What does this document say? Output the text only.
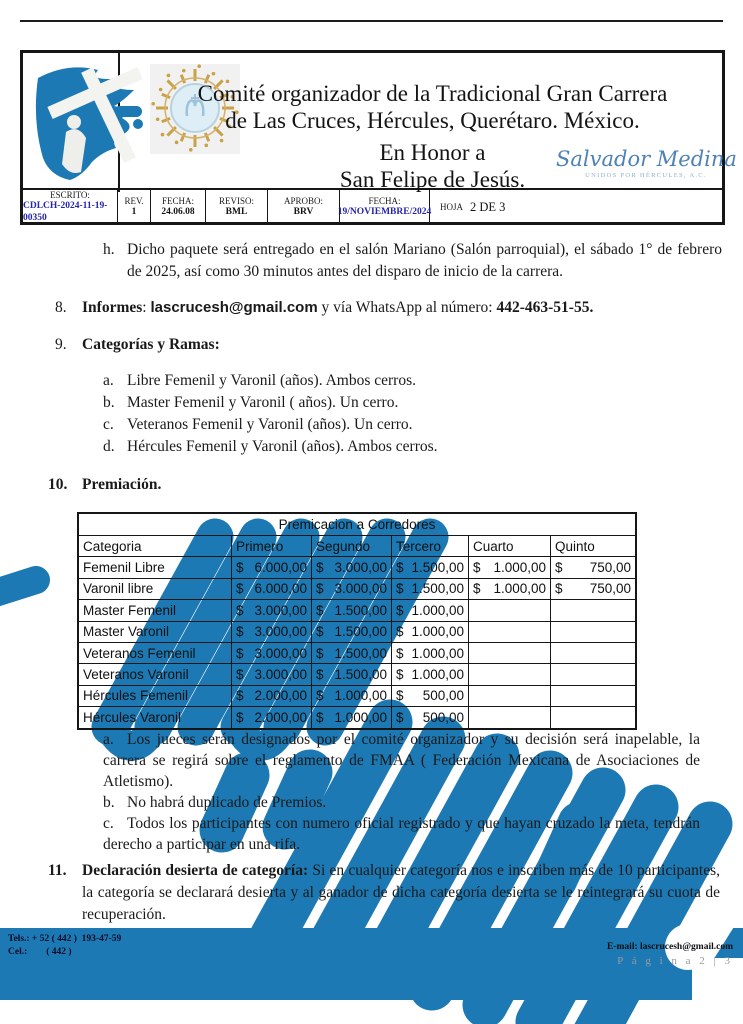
ESCRITO:
CDLCH-2024-11-19-00350
REV.
1
FECHA:
24.06.08
REVISO:
BML
APROBO:
BRV
FECHA:
19/NOVIEMBRE/2024
HOJA 2 DE 3
Comité organizador de la Tradicional Gran Carrera
de Las Cruces, Hércules, Querétaro. México.
En Honor a
San Felipe de Jesús.
Salvador Medina
UNIDOS POR HÉRCULES, A.C.
h. Dicho paquete será entregado en el salón Mariano (Salón parroquial), el sábado 1° de febrero de 2025, así como 30 minutos antes del disparo de inicio de la carrera.
8. Informes: lascrucesh@gmail.com y vía WhatsApp al número: 442-463-51-55.
9. Categorías y Ramas:
a. Libre Femenil y Varonil (años). Ambos cerros.
b. Master Femenil y Varonil ( años). Un cerro.
c. Veteranos Femenil y Varonil (años). Un cerro.
d. Hércules Femenil y Varonil (años). Ambos cerros.
10. Premiación.
Premicacion a Corredores
Categoria	Primero	Segundo	Tercero	Cuarto	Quinto
Femenil Libre	$ 6.000,00 $ 3.000,00 $ 1.500,00 $ 1.000,00 $ 750,00
Varonil libre	$ 6.000,00 $ 3.000,00 $ 1.500,00 $ 1.000,00 $ 750,00
Master Femenil	$ 3.000,00 $ 1.500,00 $ 1.000,00
Master Varonil	$ 3.000,00 $ 1.500,00 $ 1.000,00
Veteranos Femenil	$ 3.000,00 $ 1.500,00 $ 1.000,00
Veteranos Varonil	$ 3.000,00 $ 1.500,00 $ 1.000,00
Hércules Femenil	$ 2.000,00 $ 1.000,00 $ 500,00
Hércules Varonil	$ 2.000,00 $ 1.000,00 $ 500,00
a. Los jueces serán designados por el comité organizador y su decisión será inapelable, la carrera se regirá sobre el reglamento de FMAA ( Federación Mexicana de Asociaciones de Atletismo).
b. No habrá duplicado de Premios.
c. Todos los participantes con numero oficial registrado y que hayan cruzado la meta, tendrán derecho a participar en una rifa.
11. Declaración desierta de categoría: Si en cualquier categoría nos e inscriben más de 10 participantes, la categoría se declarará desierta y al ganador de dicha categoría desierta se le reintegrará su cuota de recuperación.
Tels.: + 52 ( 442 )  193-47-59
Cel.:        ( 442 )	E-mail: lascrucesh@gmail.com
P á g i n a 2 | 3
